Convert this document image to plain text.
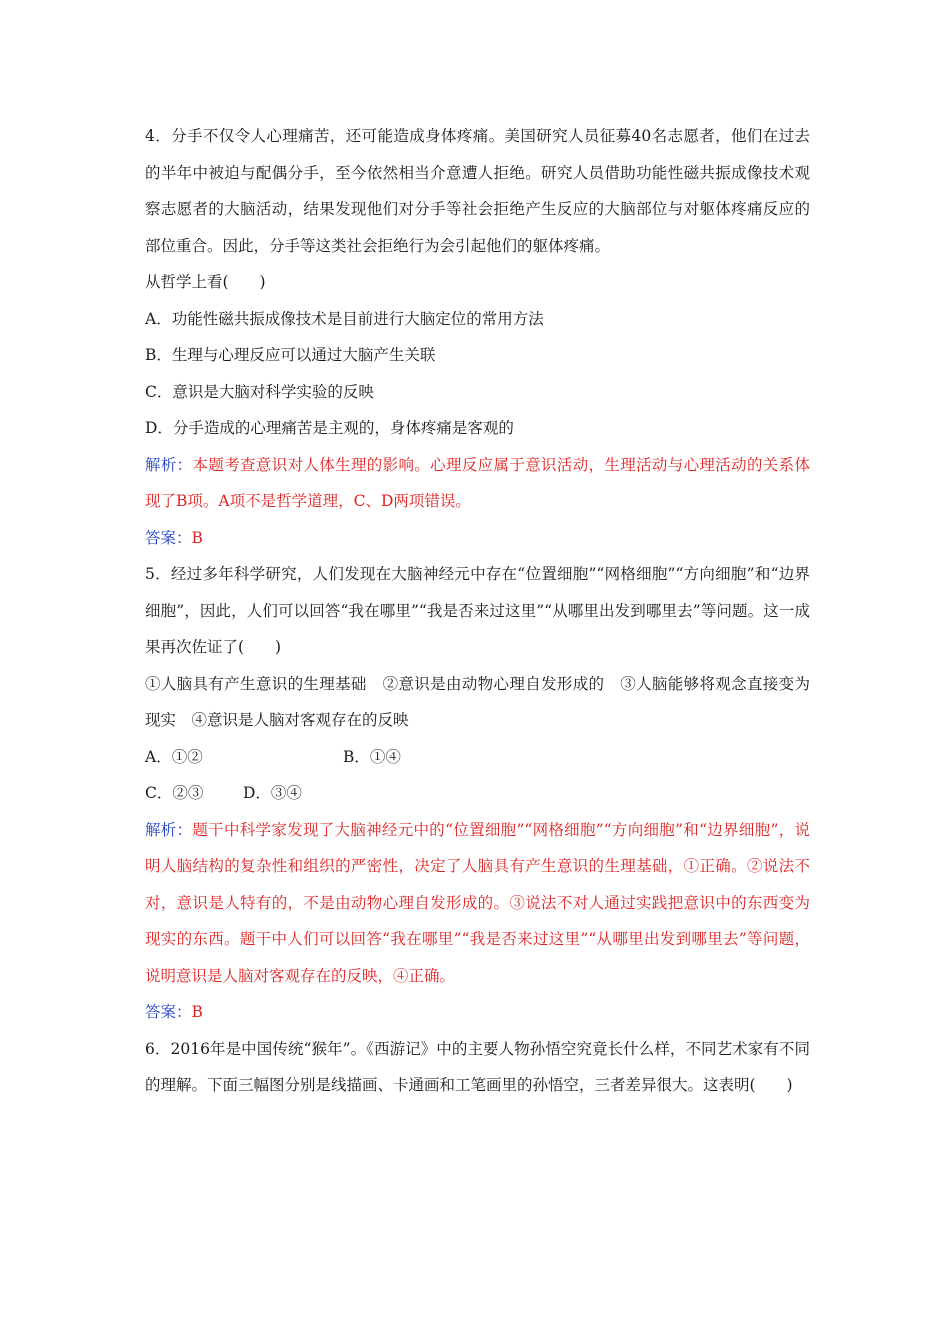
4．分手不仅令人心理痛苦，还可能造成身体疼痛。美国研究人员征募40名志愿者，他们在过去的半年中被迫与配偶分手，至今依然相当介意遭人拒绝。研究人员借助功能性磁共振成像技术观察志愿者的大脑活动，结果发现他们对分手等社会拒绝产生反应的大脑部位与对躯体疼痛反应的部位重合。因此，分手等这类社会拒绝行为会引起他们的躯体疼痛。

从哲学上看(　　)

A．功能性磁共振成像技术是目前进行大脑定位的常用方法

B．生理与心理反应可以通过大脑产生关联

C．意识是大脑对科学实验的反映

D．分手造成的心理痛苦是主观的，身体疼痛是客观的

解析：本题考查意识对人体生理的影响。心理反应属于意识活动，生理活动与心理活动的关系体现了B项。A项不是哲学道理，C、D两项错误。

答案：B

5．经过多年科学研究，人们发现在大脑神经元中存在“位置细胞”“网格细胞”“方向细胞”和“边界细胞”，因此，人们可以回答“我在哪里”“我是否来过这里”“从哪里出发到哪里去”等问题。这一成果再次佐证了(　　)

①人脑具有产生意识的生理基础　②意识是由动物心理自发形成的　③人脑能够将观念直接变为现实　④意识是人脑对客观存在的反映

A．①②	B．①④
C．②③	D．③④

解析：题干中科学家发现了大脑神经元中的“位置细胞”“网格细胞”“方向细胞”和“边界细胞”，说明人脑结构的复杂性和组织的严密性，决定了人脑具有产生意识的生理基础，①正确。②说法不对，意识是人特有的，不是由动物心理自发形成的。③说法不对人通过实践把意识中的东西变为现实的东西。题干中人们可以回答“我在哪里”“我是否来过这里”“从哪里出发到哪里去”等问题，说明意识是人脑对客观存在的反映，④正确。

答案：B

6．2016年是中国传统“猴年”。《西游记》中的主要人物孙悟空究竟长什么样，不同艺术家有不同的理解。下面三幅图分别是线描画、卡通画和工笔画里的孙悟空，三者差异很大。这表明(　　)
